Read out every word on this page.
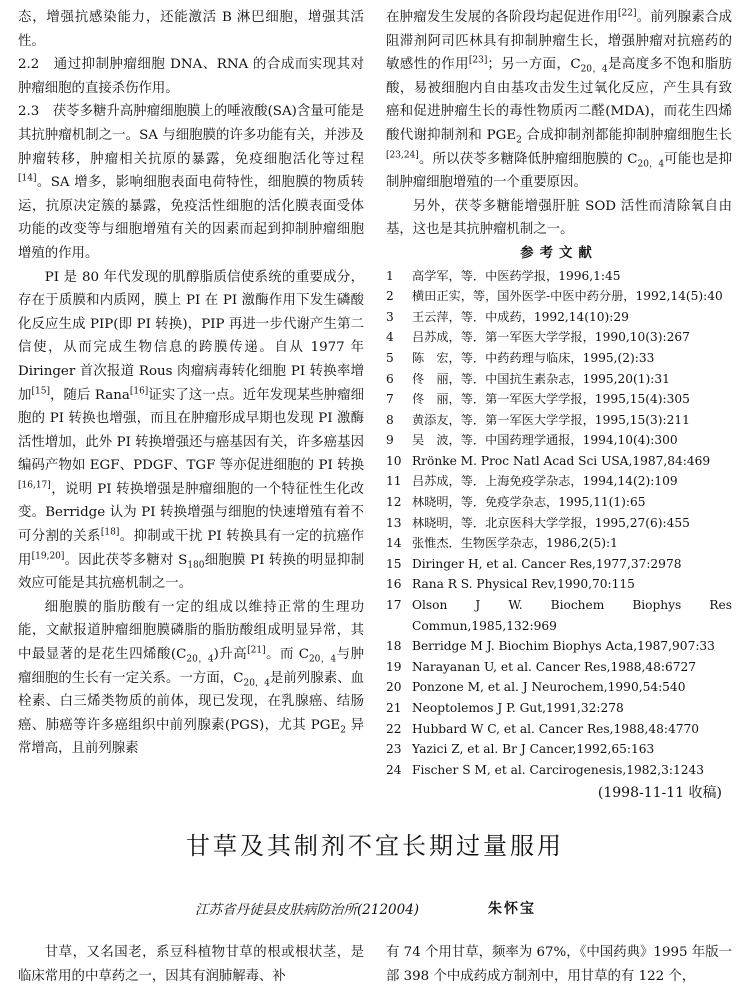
态，增强抗感染能力，还能激活 B 淋巴细胞，增强其活性。

2.2　通过抑制肿瘤细胞 DNA、RNA 的合成而实现其对肿瘤细胞的直接杀伤作用。

2.3　茯苓多糖升高肿瘤细胞膜上的唾液酸(SA)含量可能是其抗肿瘤机制之一。SA 与细胞膜的许多功能有关，并涉及肿瘤转移，肿瘤相关抗原的暴露，免疫细胞活化等过程[14]。SA 增多，影响细胞表面电荷特性，细胞膜的物质转运，抗原决定簇的暴露，免疫活性细胞的活化膜表面受体功能的改变等与细胞增殖有关的因素而起到抑制肿瘤细胞增殖的作用。

PI 是 80 年代发现的肌醇脂质信使系统的重要成分，存在于质膜和内质网，膜上 PI 在 PI 激酶作用下发生磷酸化反应生成 PIP(即 PI 转换)，PIP 再进一步代谢产生第二信使，从而完成生物信息的跨膜传递。自从 1977 年 Diringer 首次报道 Rous 肉瘤病毒转化细胞 PI 转换率增加[15]，随后 Rana[16]证实了这一点。近年发现某些肿瘤细胞的 PI 转换也增强，而且在肿瘤形成早期也发现 PI 激酶活性增加，此外 PI 转换增强还与癌基因有关，许多癌基因编码产物如 EGF、PDGF、TGF 等亦促进细胞的 PI 转换[16,17]，说明 PI 转换增强是肿瘤细胞的一个特征性生化改变。Berridge 认为 PI 转换增强与细胞的快速增殖有着不可分割的关系[18]。抑制或干扰 PI 转换具有一定的抗癌作用[19,20]。因此茯苓多糖对 $S_{180}$细胞膜 PI 转换的明显抑制效应可能是其抗癌机制之一。

细胞膜的脂肪酸有一定的组成以维持正常的生理功能，文献报道肿瘤细胞膜磷脂的脂肪酸组成明显异常，其中最显著的是花生四烯酸$(C_{20,4})$升高[21]。而 $C_{20,4}$与肿瘤细胞的生长有一定关系。一方面，$C_{20,4}$是前列腺素、血栓素、白三烯类物质的前体，现已发现，在乳腺癌、结肠癌、肺癌等许多癌组织中前列腺素(PGS)，尤其 $PGE_2$ 异常增高，且前列腺素

在肿瘤发生发展的各阶段均起促进作用[22]。前列腺素合成阻滞剂阿司匹林具有抑制肿瘤生长，增强肿瘤对抗癌药的敏感性的作用[23]；另一方面，$C_{20,4}$是高度多不饱和脂肪酸，易被细胞内自由基攻击发生过氧化反应，产生具有致癌和促进肿瘤生长的毒性物质丙二醛(MDA)，而花生四烯酸代谢抑制剂和 $PGE_2$ 合成抑制剂都能抑制肿瘤细胞生长[23,24]。所以茯苓多糖降低肿瘤细胞膜的 $C_{20,4}$可能也是抑制肿瘤细胞增殖的一个重要原因。

另外，茯苓多糖能增强肝脏 SOD 活性而清除氧自由基，这也是其抗肿瘤机制之一。

参考文献

1	高学军，等．中医药学报，1996,1:45
2	横田正实，等，国外医学-中医中药分册，1992,14(5):40
3	王云萍，等．中成药，1992,14(10):29
4	吕苏成，等．第一军医大学学报，1990,10(3):267
5	陈　宏，等．中药药理与临床，1995,(2):33
6	佟　丽，等．中国抗生素杂志，1995,20(1):31
7	佟　丽，等．第一军医大学学报，1995,15(4):305
8	黄添友，等．第一军医大学学报，1995,15(3):211
9	吴　波，等．中国药理学通报，1994,10(4):300
10 Rrönke M. Proc Natl Acad Sci USA,1987,84:469
11 吕苏成，等．上海免疫学杂志，1994,14(2):109
12 林晓明，等．免疫学杂志，1995,11(1):65
13 林晓明，等．北京医科大学学报，1995,27(6):455
14 张惟杰．生物医学杂志，1986,2(5):1
15 Diringer H, et al. Cancer Res,1977,37:2978
16 Rana R S. Physical Rev,1990,70:115
17 Olson J W. Biochem Biophys Res Commun,1985,132:969
18 Berridge M J. Biochim Biophys Acta,1987,907:33
19 Narayanan U, et al. Cancer Res,1988,48:6727
20 Ponzone M, et al. J Neurochem,1990,54:540
21 Neoptolemos J P. Gut,1991,32:278
22 Hubbard W C, et al. Cancer Res,1988,48:4770
23 Yazici Z, et al. Br J Cancer,1992,65:163
24 Fischer S M, et al. Carcirogenesis,1982,3:1243
(1998-11-11 收稿)
甘草及其制剂不宜长期过量服用
江苏省丹徒县皮肤病防治所(212004)	朱怀宝

甘草，又名国老，系豆科植物甘草的根或根状茎，是临床常用的中草药之一，因其有润肺解毒、补

有 74 个用甘草，频率为 67%，《中国药典》1995 年版一部 398 个中成药成方制剂中，用甘草的有 122 个，
